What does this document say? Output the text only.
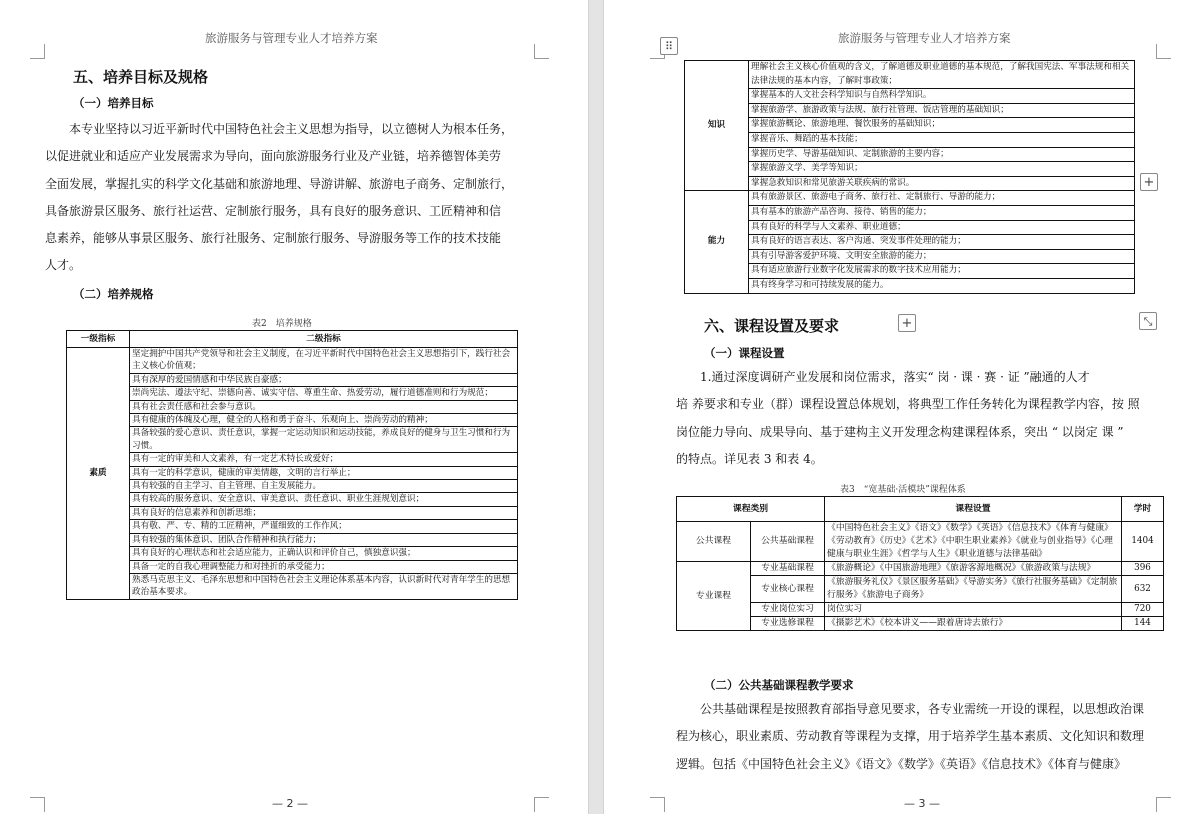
旅游服务与管理专业人才培养方案
五、培养目标及规格
（一）培养目标
本专业坚持以习近平新时代中国特色社会主义思想为指导，以立德树人为根本任务，
以促进就业和适应产业发展需求为导向，面向旅游服务行业及产业链，培养德智体美劳
全面发展，掌握扎实的科学文化基础和旅游地理、导游讲解、旅游电子商务、定制旅行，
具备旅游景区服务、旅行社运营、定制旅行服务，具有良好的服务意识、工匠精神和信
息素养，能够从事景区服务、旅行社服务、定制旅行服务、导游服务等工作的技术技能
人才。
（二）培养规格
表2　培养规格
一级指标	二级指标
素质	坚定拥护中国共产党领导和社会主义制度，在习近平新时代中国特色社会主义思想指引下，践行社会主义核心价值观；
	具有深厚的爱国情感和中华民族自豪感；
	崇尚宪法、遵法守纪、崇德向善、诚实守信、尊重生命、热爱劳动，履行道德准则和行为规范；
	具有社会责任感和社会参与意识。
	具有健康的体魄及心理，健全的人格和勇于奋斗、乐观向上、崇尚劳动的精神；
	具备较强的爱心意识、责任意识，掌握一定运动知识和运动技能，养成良好的健身与卫生习惯和行为习惯。
	具有一定的审美和人文素养，有一定艺术特长或爱好；
	具有一定的科学意识，健康的审美情趣，文明的言行举止；
	具有较强的自主学习、自主管理、自主发展能力。
	具有较高的服务意识、安全意识、审美意识、责任意识、职业生涯规划意识；
	具有良好的信息素养和创新思维；
	具有敬、严、专、精的工匠精神，严谨细致的工作作风；
	具有较强的集体意识、团队合作精神和执行能力；
	具有良好的心理状态和社会适应能力，正确认识和评价自己，慎独意识强；
	具备一定的自我心理调整能力和对挫折的承受能力；
	熟悉马克思主义、毛泽东思想和中国特色社会主义理论体系基本内容，认识新时代对青年学生的思想政治基本要求。
— 2 —
旅游服务与管理专业人才培养方案
⠿
知识	理解社会主义核心价值观的含义，了解道德及职业道德的基本规范，了解我国宪法、军事法规和相关法律法规的基本内容，了解时事政策；
	掌握基本的人文社会科学知识与自然科学知识。
	掌握旅游学、旅游政策与法规、旅行社管理、饭店管理的基础知识；
	掌握旅游概论、旅游地理、餐饮服务的基础知识；
	掌握音乐、舞蹈的基本技能；
	掌握历史学、导游基础知识、定制旅游的主要内容；
	掌握旅游文学、美学等知识；
	掌握急救知识和常见旅游关联疾病的常识。
能力	具有旅游景区、旅游电子商务、旅行社、定制旅行、导游的能力；
	具有基本的旅游产品咨询、接待、销售的能力；
	具有良好的科学与人文素养、职业道德；
	具有良好的语言表达、客户沟通、突发事件处理的能力；
	具有引导游客爱护环境、文明安全旅游的能力；
	具有适应旅游行业数字化发展需求的数字技术应用能力；
	具有终身学习和可持续发展的能力。
+
+	⤡
六、课程设置及要求
（一）课程设置
1.通过深度调研产业发展和岗位需求，落实“ 岗 · 课 · 赛 · 证 ”融通的人才
培 养要求和专业（群）课程设置总体规划，将典型工作任务转化为课程教学内容，按 照
岗位能力导向、成果导向、基于建构主义开发理念构建课程体系，突出 “ 以岗定 课 ”
的特点。详见表 3 和表 4。
表3　“宽基础·活模块”课程体系
课程类别		课程设置	学时
公共课程	公共基础课程	《中国特色社会主义》《语文》《数学》《英语》《信息技术》《体育与健康》《劳动教育》《历史》《艺术》《中职生职业素养》《就业与创业指导》《心理健康与职业生涯》《哲学与人生》《职业道德与法律基础》	1404
专业课程	专业基础课程	《旅游概论》《中国旅游地理》《旅游客源地概况》《旅游政策与法规》	396
	专业核心课程	《旅游服务礼仪》《景区服务基础》《导游实务》《旅行社服务基础》《定制旅行服务》《旅游电子商务》	632
	专业岗位实习	岗位实习	720
	专业选修课程	《摄影艺术》《校本讲义——跟着唐诗去旅行》	144
（二）公共基础课程教学要求
公共基础课程是按照教育部指导意见要求，各专业需统一开设的课程，以思想政治课
程为核心，职业素质、劳动教育等课程为支撑，用于培养学生基本素质、文化知识和数理
逻辑。包括《中国特色社会主义》《语文》《数学》《英语》《信息技术》《体育与健康》
— 3 —
